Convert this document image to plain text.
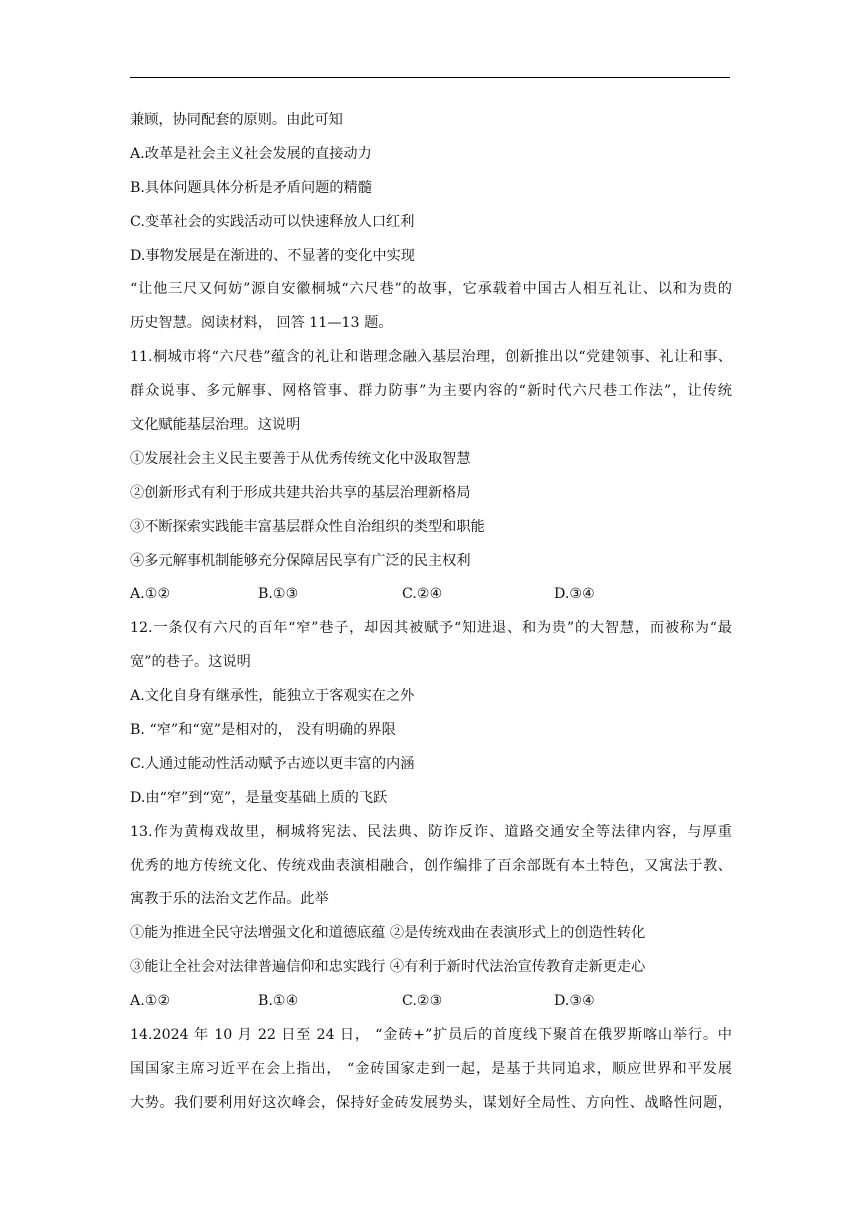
兼顾，协同配套的原则。由此可知
A.改革是社会主义社会发展的直接动力
B.具体问题具体分析是矛盾问题的精髓
C.变革社会的实践活动可以快速释放人口红利
D.事物发展是在渐进的、不显著的变化中实现
“让他三尺又何妨”源自安徽桐城“六尺巷”的故事，它承载着中国古人相互礼让、以和为贵的
历史智慧。阅读材料， 回答 11—13 题。
11.桐城市将“六尺巷”蕴含的礼让和谐理念融入基层治理，创新推出以“党建领事、礼让和事、
群众说事、多元解事、网格管事、群力防事”为主要内容的“新时代六尺巷工作法”，让传统
文化赋能基层治理。这说明
①发展社会主义民主要善于从优秀传统文化中汲取智慧
②创新形式有利于形成共建共治共享的基层治理新格局
③不断探索实践能丰富基层群众性自治组织的类型和职能
④多元解事机制能够充分保障居民享有广泛的民主权利
A.①②	B.①③	C.②④	D.③④
12.一条仅有六尺的百年“窄”巷子，却因其被赋予“知进退、和为贵”的大智慧，而被称为“最
宽”的巷子。这说明
A.文化自身有继承性，能独立于客观实在之外
B. “窄”和“宽”是相对的， 没有明确的界限
C.人通过能动性活动赋予古迹以更丰富的内涵
D.由“窄”到“宽”，是量变基础上质的飞跃
13.作为黄梅戏故里，桐城将宪法、民法典、防诈反诈、道路交通安全等法律内容，与厚重
优秀的地方传统文化、传统戏曲表演相融合，创作编排了百余部既有本土特色，又寓法于教、
寓教于乐的法治文艺作品。此举
①能为推进全民守法增强文化和道德底蕴 ②是传统戏曲在表演形式上的创造性转化
③能让全社会对法律普遍信仰和忠实践行 ④有利于新时代法治宣传教育走新更走心
A.①②	B.①④	C.②③	D.③④
14.2024 年 10 月 22 日至 24 日， “金砖+”扩员后的首度线下聚首在俄罗斯喀山举行。中
国国家主席习近平在会上指出， “金砖国家走到一起，是基于共同追求，顺应世界和平发展
大势。我们要利用好这次峰会，保持好金砖发展势头，谋划好全局性、方向性、战略性问题，
